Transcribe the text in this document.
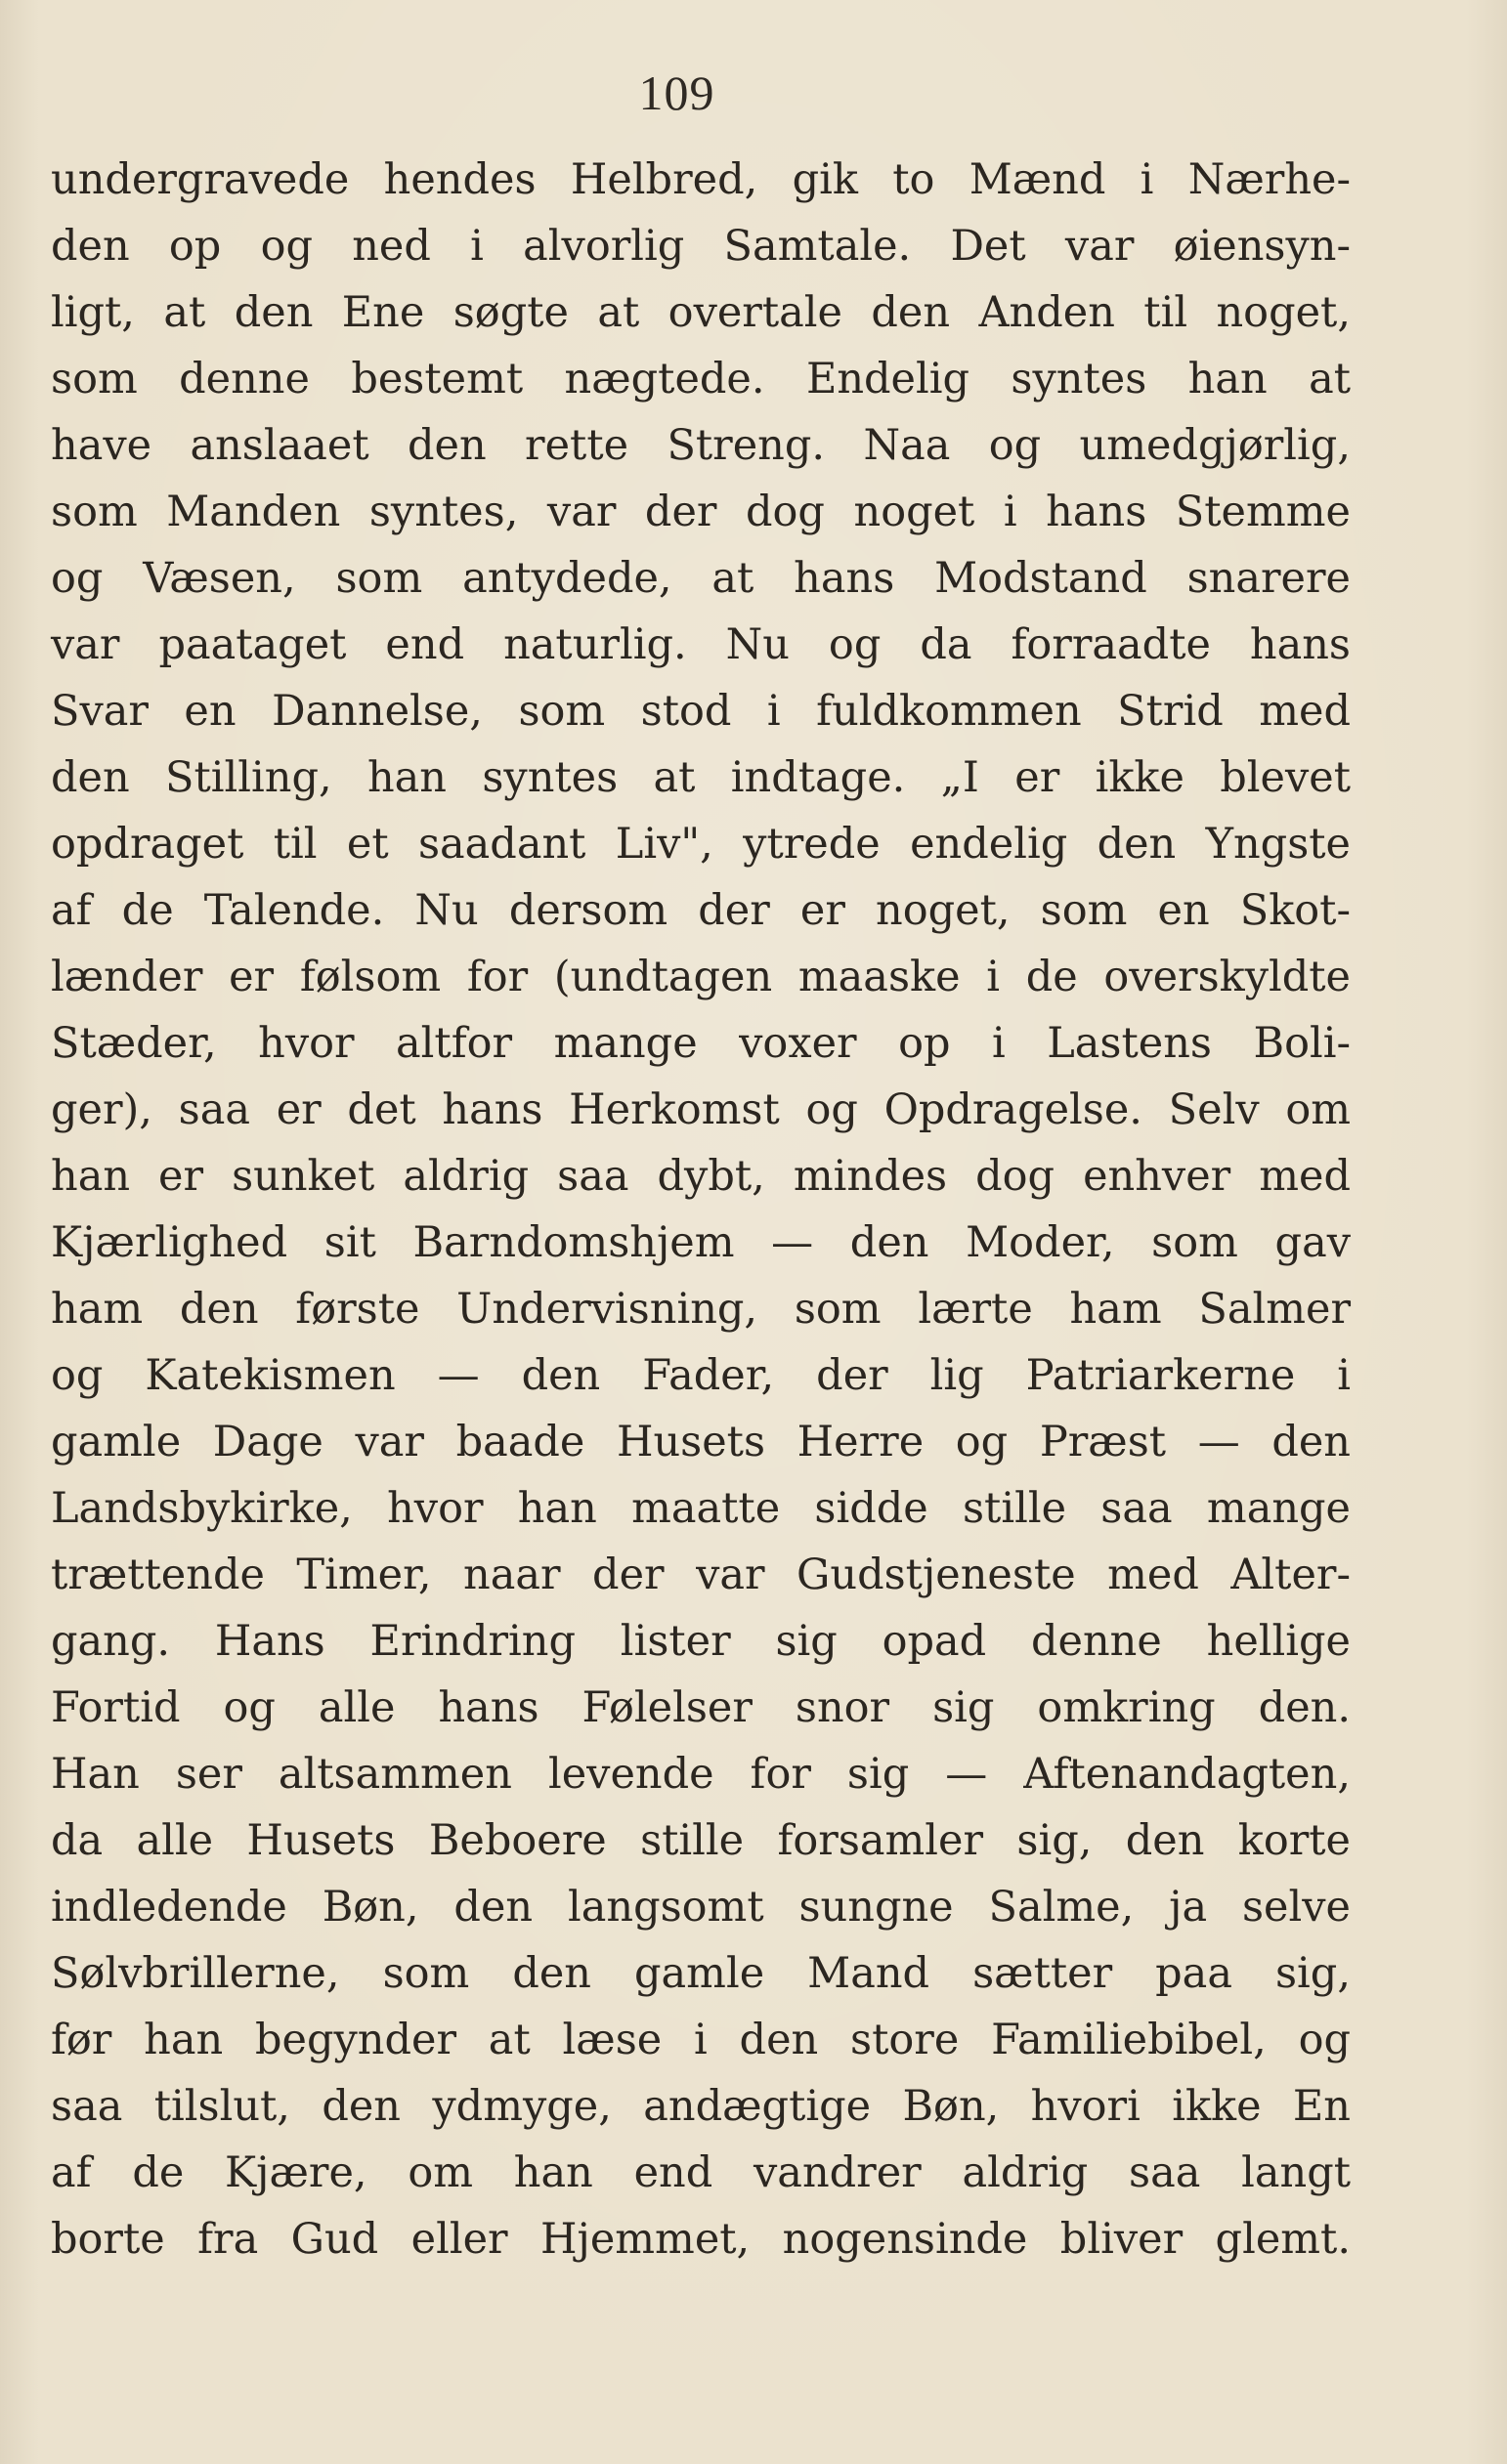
109
undergravede hendes Helbred, gik to Mænd i Nærhe-
den op og ned i alvorlig Samtale. Det var øiensyn-
ligt, at den Ene søgte at overtale den Anden til noget,
som denne bestemt nægtede. Endelig syntes han at
have anslaaet den rette Streng. Naa og umedgjørlig,
som Manden syntes, var der dog noget i hans Stemme
og Væsen, som antydede, at hans Modstand snarere
var paataget end naturlig. Nu og da forraadte hans
Svar en Dannelse, som stod i fuldkommen Strid med
den Stilling, han syntes at indtage. „I er ikke blevet
opdraget til et saadant Liv", ytrede endelig den Yngste
af de Talende. Nu dersom der er noget, som en Skot-
lænder er følsom for (undtagen maaske i de overskyldte
Stæder, hvor altfor mange voxer op i Lastens Boli-
ger), saa er det hans Herkomst og Opdragelse. Selv om
han er sunket aldrig saa dybt, mindes dog enhver med
Kjærlighed sit Barndomshjem — den Moder, som gav
ham den første Undervisning, som lærte ham Salmer
og Katekismen — den Fader, der lig Patriarkerne i
gamle Dage var baade Husets Herre og Præst — den
Landsbykirke, hvor han maatte sidde stille saa mange
trættende Timer, naar der var Gudstjeneste med Alter-
gang. Hans Erindring lister sig opad denne hellige
Fortid og alle hans Følelser snor sig omkring den.
Han ser altsammen levende for sig — Aftenandagten,
da alle Husets Beboere stille forsamler sig, den korte
indledende Bøn, den langsomt sungne Salme, ja selve
Sølvbrillerne, som den gamle Mand sætter paa sig,
før han begynder at læse i den store Familiebibel, og
saa tilslut, den ydmyge, andægtige Bøn, hvori ikke En
af de Kjære, om han end vandrer aldrig saa langt
borte fra Gud eller Hjemmet, nogensinde bliver glemt.
